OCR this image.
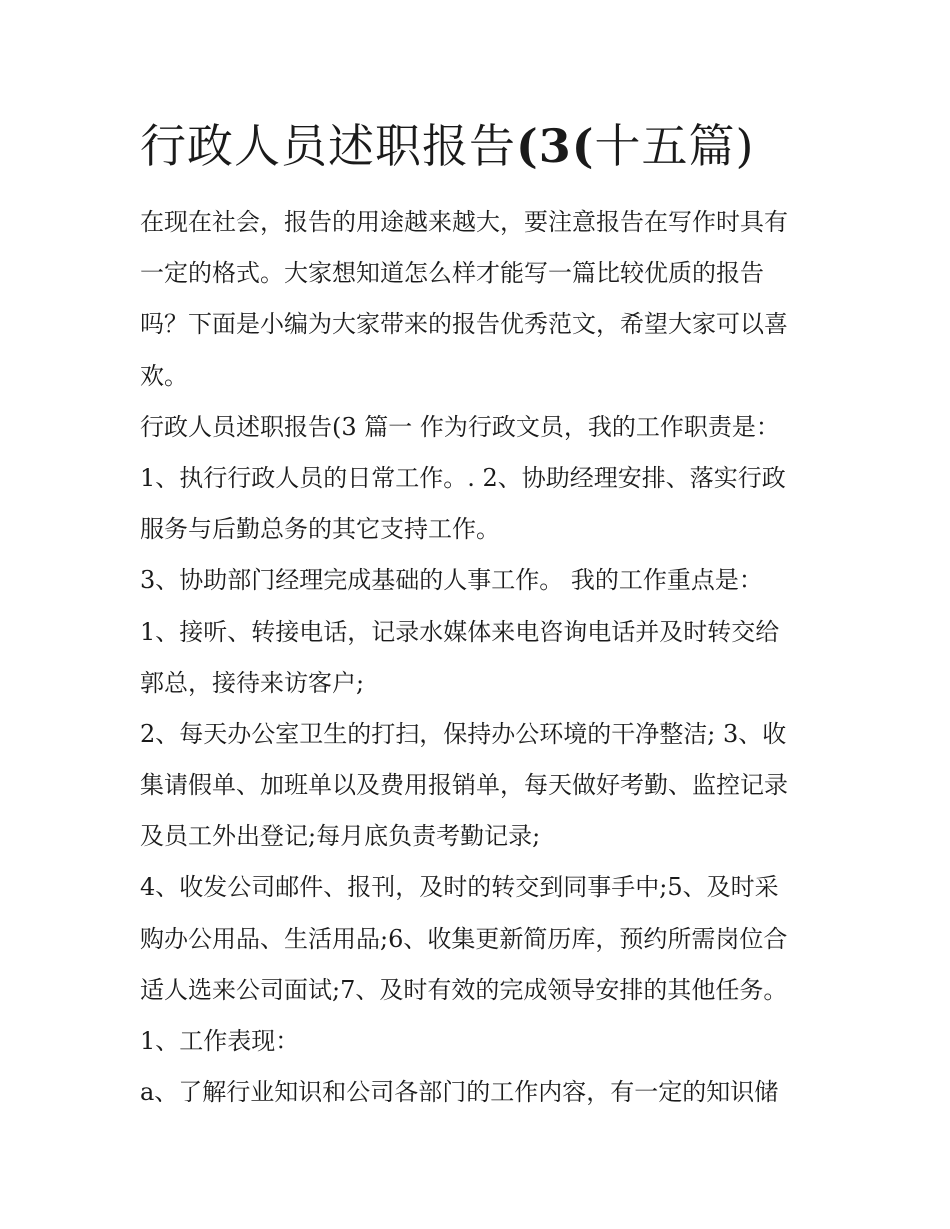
行政人员述职报告(3(十五篇)
在现在社会，报告的用途越来越大，要注意报告在写作时具有
一定的格式。大家想知道怎么样才能写一篇比较优质的报告
吗？下面是小编为大家带来的报告优秀范文，希望大家可以喜
欢。
行政人员述职报告(3 篇一 作为行政文员，我的工作职责是：
1、执行行政人员的日常工作。. 2、协助经理安排、落实行政
服务与后勤总务的其它支持工作。
3、协助部门经理完成基础的人事工作。 我的工作重点是：
1、接听、转接电话，记录水媒体来电咨询电话并及时转交给
郭总，接待来访客户;
2、每天办公室卫生的打扫，保持办公环境的干净整洁; 3、收
集请假单、加班单以及费用报销单，每天做好考勤、监控记录
及员工外出登记;每月底负责考勤记录;
4、收发公司邮件、报刊，及时的转交到同事手中;5、及时采
购办公用品、生活用品;6、收集更新简历库，预约所需岗位合
适人选来公司面试;7、及时有效的完成领导安排的其他任务。
1、工作表现：
a、了解行业知识和公司各部门的工作内容，有一定的知识储
